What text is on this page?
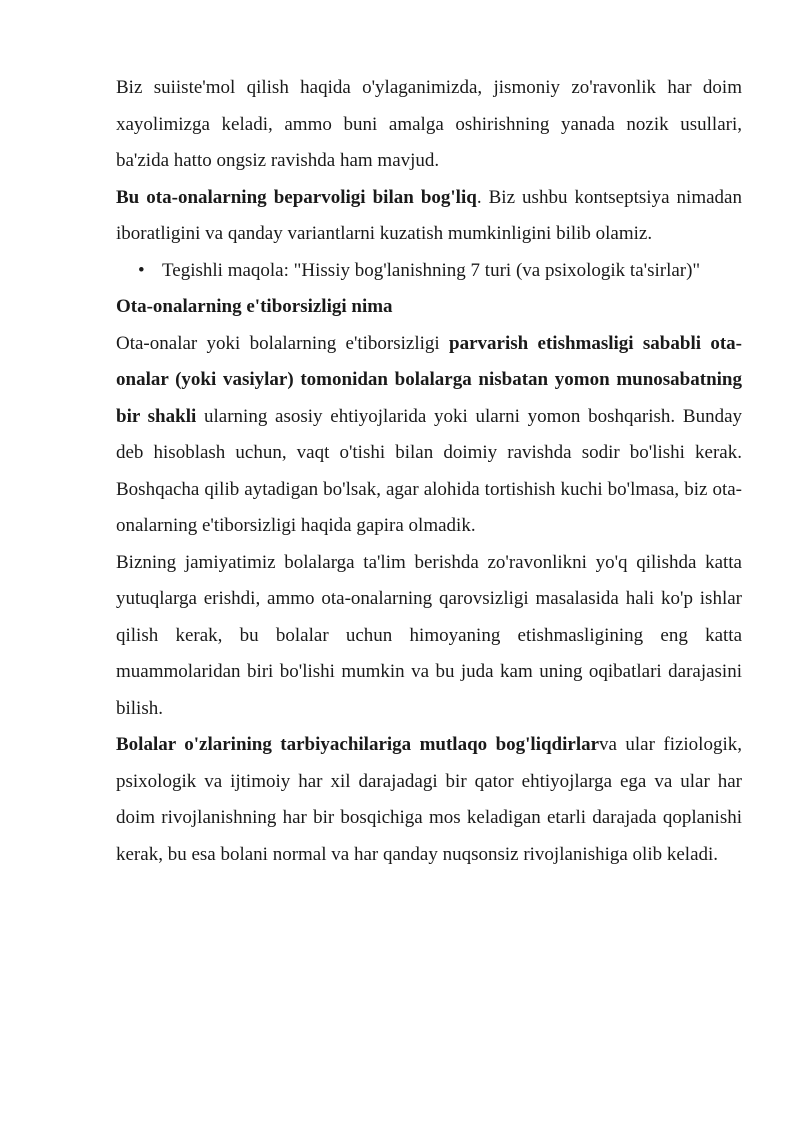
Biz suiiste'mol qilish haqida o'ylaganimizda, jismoniy zo'ravonlik har doim xayolimizga keladi, ammo buni amalga oshirishning yanada nozik usullari, ba'zida hatto ongsiz ravishda ham mavjud.

Bu ota-onalarning beparvoligi bilan bog'liq. Biz ushbu kontseptsiya nimadan iboratligini va qanday variantlarni kuzatish mumkinligini bilib olamiz.

• Tegishli maqola: "Hissiy bog'lanishning 7 turi (va psixologik ta'sirlar)"

Ota-onalarning e'tiborsizligi nima

Ota-onalar yoki bolalarning e'tiborsizligi parvarish etishmasligi sababli ota-onalar (yoki vasiylar) tomonidan bolalarga nisbatan yomon munosabatning bir shakli ularning asosiy ehtiyojlarida yoki ularni yomon boshqarish. Bunday deb hisoblash uchun, vaqt o'tishi bilan doimiy ravishda sodir bo'lishi kerak. Boshqacha qilib aytadigan bo'lsak, agar alohida tortishish kuchi bo'lmasa, biz ota-onalarning e'tiborsizligi haqida gapira olmadik.

Bizning jamiyatimiz bolalarga ta'lim berishda zo'ravonlikni yo'q qilishda katta yutuqlarga erishdi, ammo ota-onalarning qarovsizligi masalasida hali ko'p ishlar qilish kerak, bu bolalar uchun himoyaning etishmasligining eng katta muammolaridan biri bo'lishi mumkin va bu juda kam uning oqibatlari darajasini bilish.

Bolalar o'zlarining tarbiyachilariga mutlaqo bog'liqdirlarva ular fiziologik, psixologik va ijtimoiy har xil darajadagi bir qator ehtiyojlarga ega va ular har doim rivojlanishning har bir bosqichiga mos keladigan etarli darajada qoplanishi kerak, bu esa bolani normal va har qanday nuqsonsiz rivojlanishiga olib keladi.
